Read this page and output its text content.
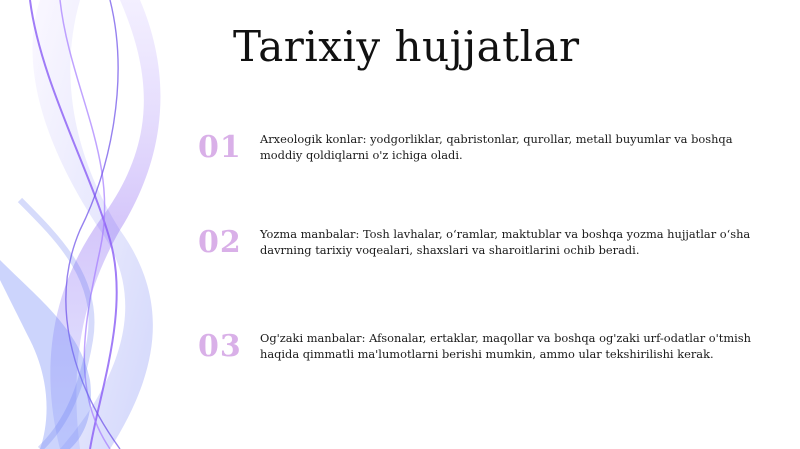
Tarixiy hujjatlar
01 Arxeologik konlar: yodgorliklar, qabristonlar, qurollar, metall buyumlar va boshqa moddiy qoldiqlarni o'z ichiga oladi.
02 Yozma manbalar: Tosh lavhalar, o‘ramlar, maktublar va boshqa yozma hujjatlar o‘sha davrning tarixiy voqealari, shaxslari va sharoitlarini ochib beradi.
03 Og'zaki manbalar: Afsonalar, ertaklar, maqollar va boshqa og'zaki urf-odatlar o'tmish haqida qimmatli ma'lumotlarni berishi mumkin, ammo ular tekshirilishi kerak.
